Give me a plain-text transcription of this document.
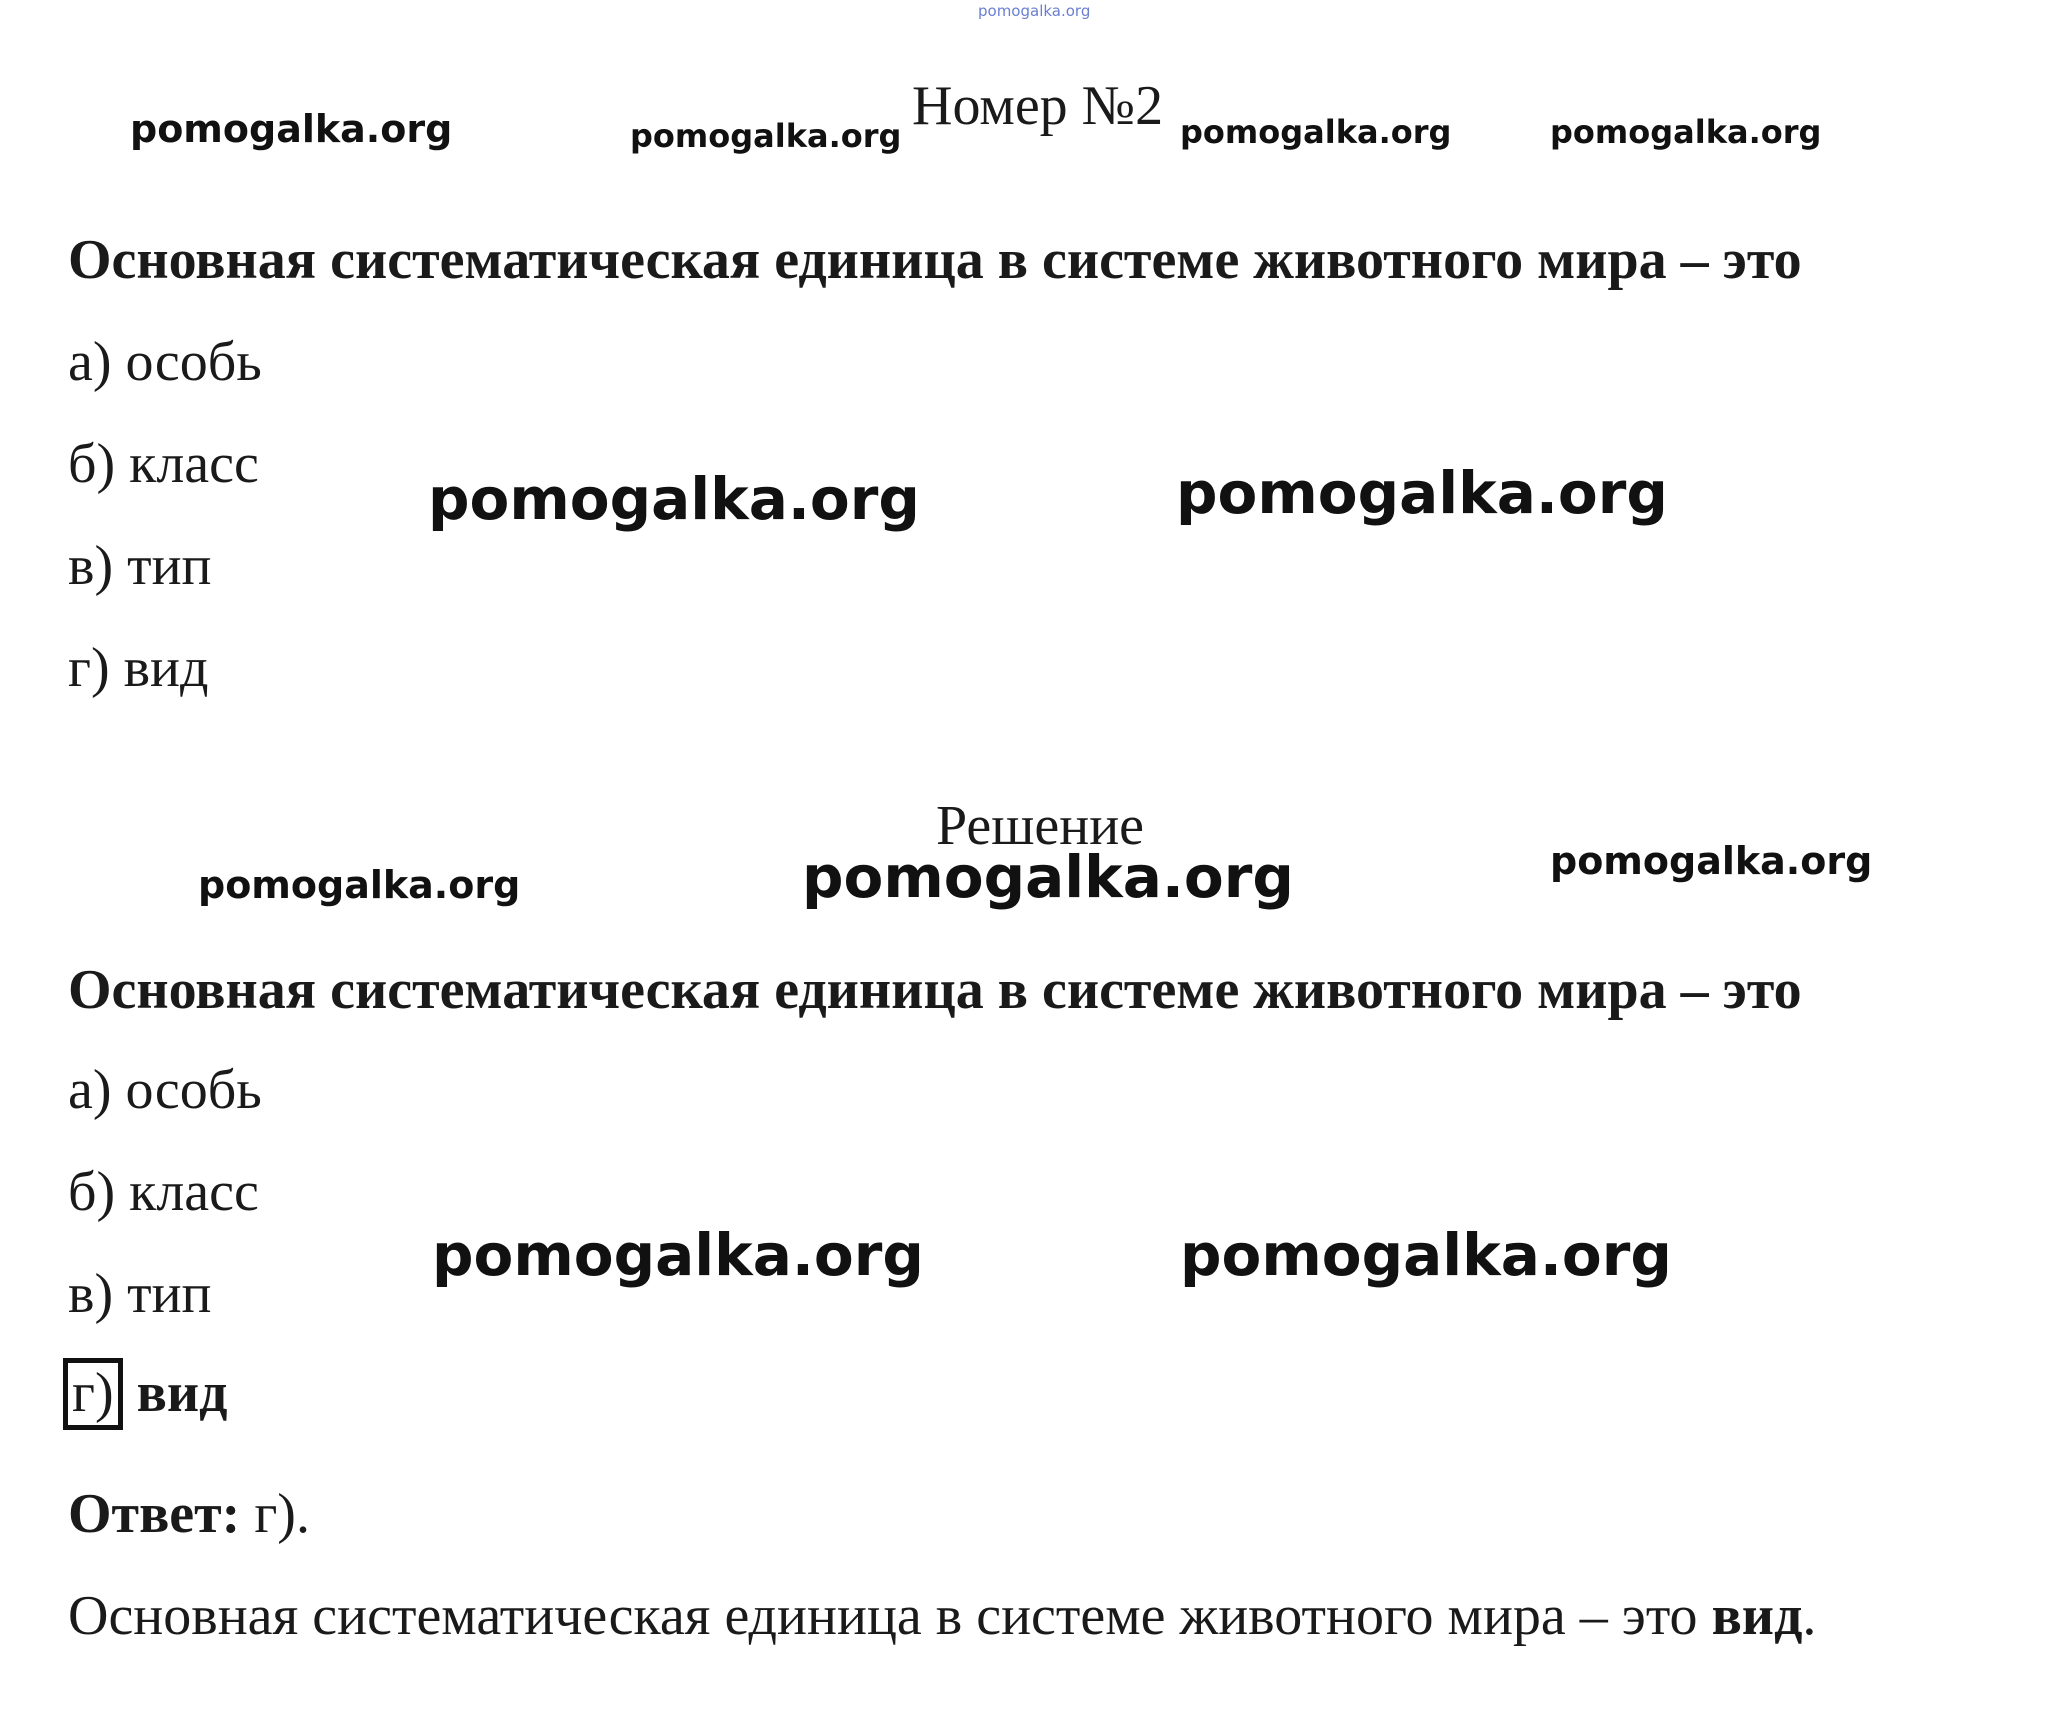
pomogalka.org
pomogalka.org	pomogalka.org	pomogalka.org	pomogalka.org
pomogalka.org	pomogalka.org
pomogalka.org	pomogalka.org	pomogalka.org
pomogalka.org	pomogalka.org
Номер №2
Основная систематическая единица в системе животного мира – это
а) особь
б) класс
в) тип
г) вид
Решение
Основная систематическая единица в системе животного мира – это
а) особь
б) класс
в) тип
г) вид
Ответ: г).
Основная систематическая единица в системе животного мира – это вид.
